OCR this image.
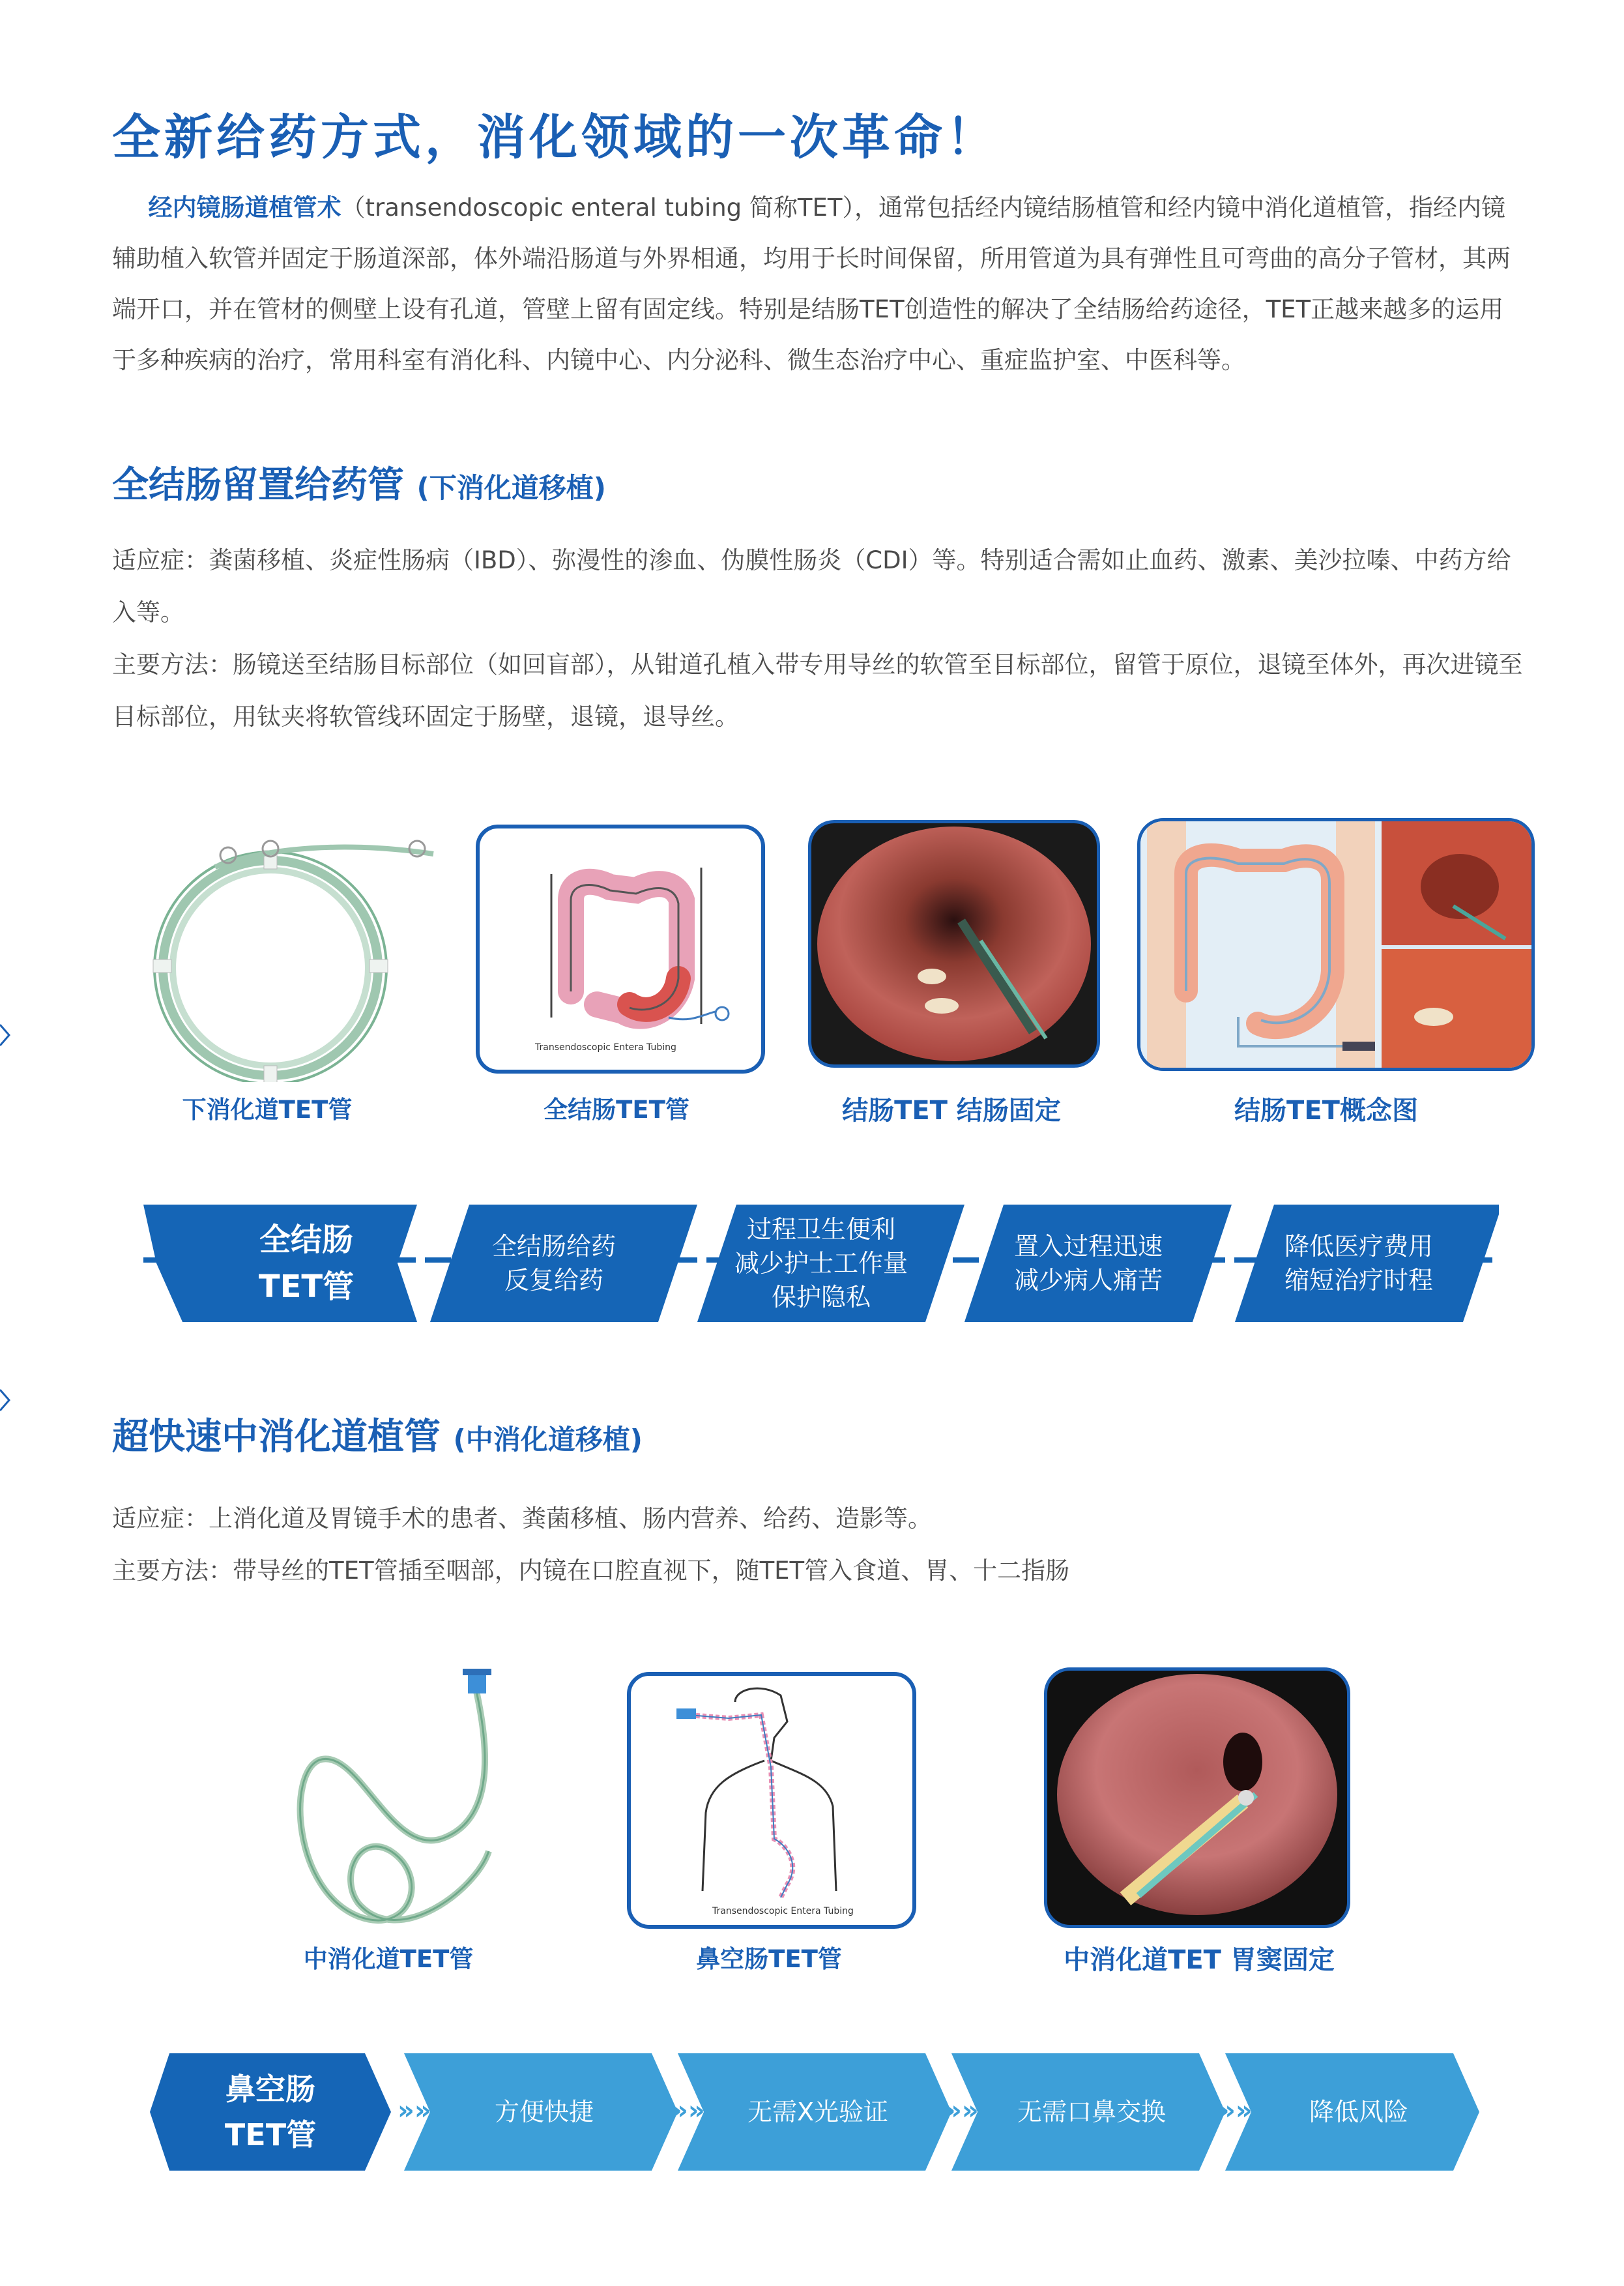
全新给药方式，消化领域的一次革命！

  经内镜肠道植管术（transendoscopic enteral tubing 简称TET），通常包括经内镜结肠植管和经内镜中消化道植管，指经内镜辅助植入软管并固定于肠道深部，体外端沿肠道与外界相通，均用于长时间保留，所用管道为具有弹性且可弯曲的高分子管材，其两端开口，并在管材的侧壁上设有孔道，管壁上留有固定线。特别是结肠TET创造性的解决了全结肠给药途径，TET正越来越多的运用于多种疾病的治疗，常用科室有消化科、内镜中心、内分泌科、微生态治疗中心、重症监护室、中医科等。

全结肠留置给药管 (下消化道移植)

适应症：粪菌移植、炎症性肠病（IBD）、弥漫性的渗血、伪膜性肠炎（CDI）等。特别适合需如止血药、激素、美沙拉嗪、中药方给入等。

主要方法：肠镜送至结肠目标部位（如回盲部），从钳道孔植入带专用导丝的软管至目标部位，留管于原位，退镜至体外，再次进镜至目标部位，用钛夹将软管线环固定于肠壁，退镜，退导丝。

下消化道TET管
Transendoscopic Entera Tubing
全结肠TET管	结肠TET 结肠固定	结肠TET概念图
全结肠
TET管
全结肠给药
反复给药
过程卫生便利
减少护士工作量
保护隐私
置入过程迅速
减少病人痛苦
降低医疗费用
缩短治疗时程
超快速中消化道植管 (中消化道移植)

适应症：上消化道及胃镜手术的患者、粪菌移植、肠内营养、给药、造影等。

主要方法：带导丝的TET管插至咽部，内镜在口腔直视下，随TET管入食道、胃、十二指肠

中消化道TET管
Transendoscopic Entera Tubing
鼻空肠TET管	中消化道TET 胃窦固定
鼻空肠
TET管
»»	方便快捷	»»	无需X光验证	»»	无需口鼻交换	»»	降低风险
